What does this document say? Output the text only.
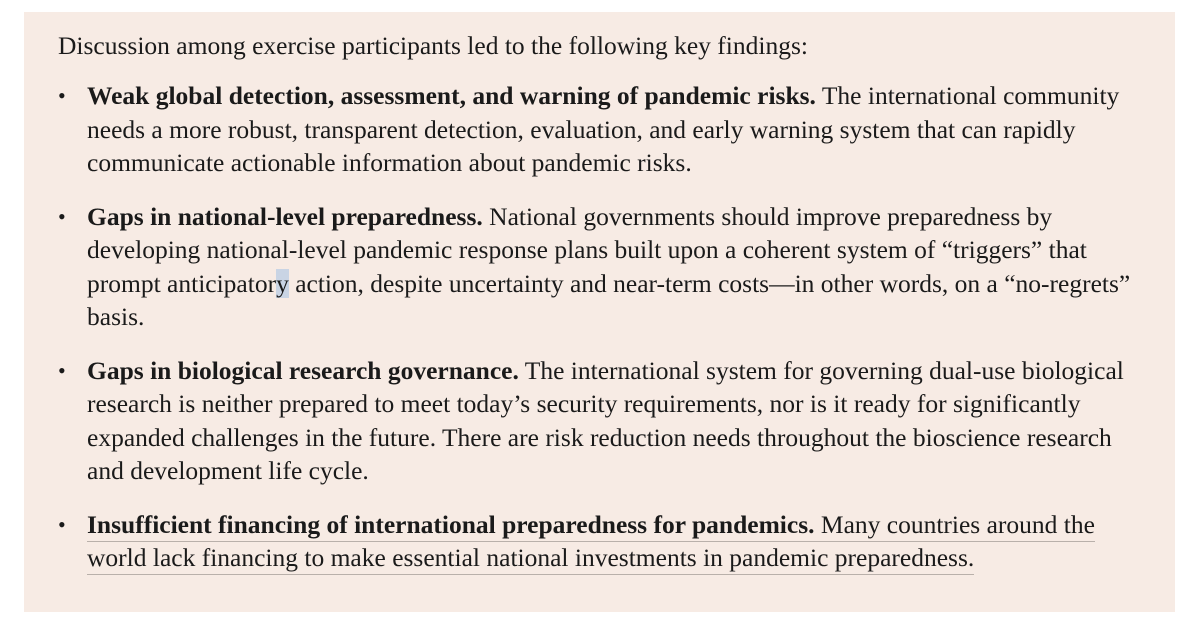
Discussion among exercise participants led to the following key findings:

• Weak global detection, assessment, and warning of pandemic risks. The international community needs a more robust, transparent detection, evaluation, and early warning system that can rapidly communicate actionable information about pandemic risks.
• Gaps in national-level preparedness. National governments should improve preparedness by developing national-level pandemic response plans built upon a coherent system of “triggers” that prompt anticipatory action, despite uncertainty and near-term costs—in other words, on a “no-regrets” basis.
• Gaps in biological research governance. The international system for governing dual-use biological research is neither prepared to meet today’s security requirements, nor is it ready for significantly expanded challenges in the future. There are risk reduction needs throughout the bioscience research and development life cycle.
• Insufficient financing of international preparedness for pandemics. Many countries around the world lack financing to make essential national investments in pandemic preparedness.
